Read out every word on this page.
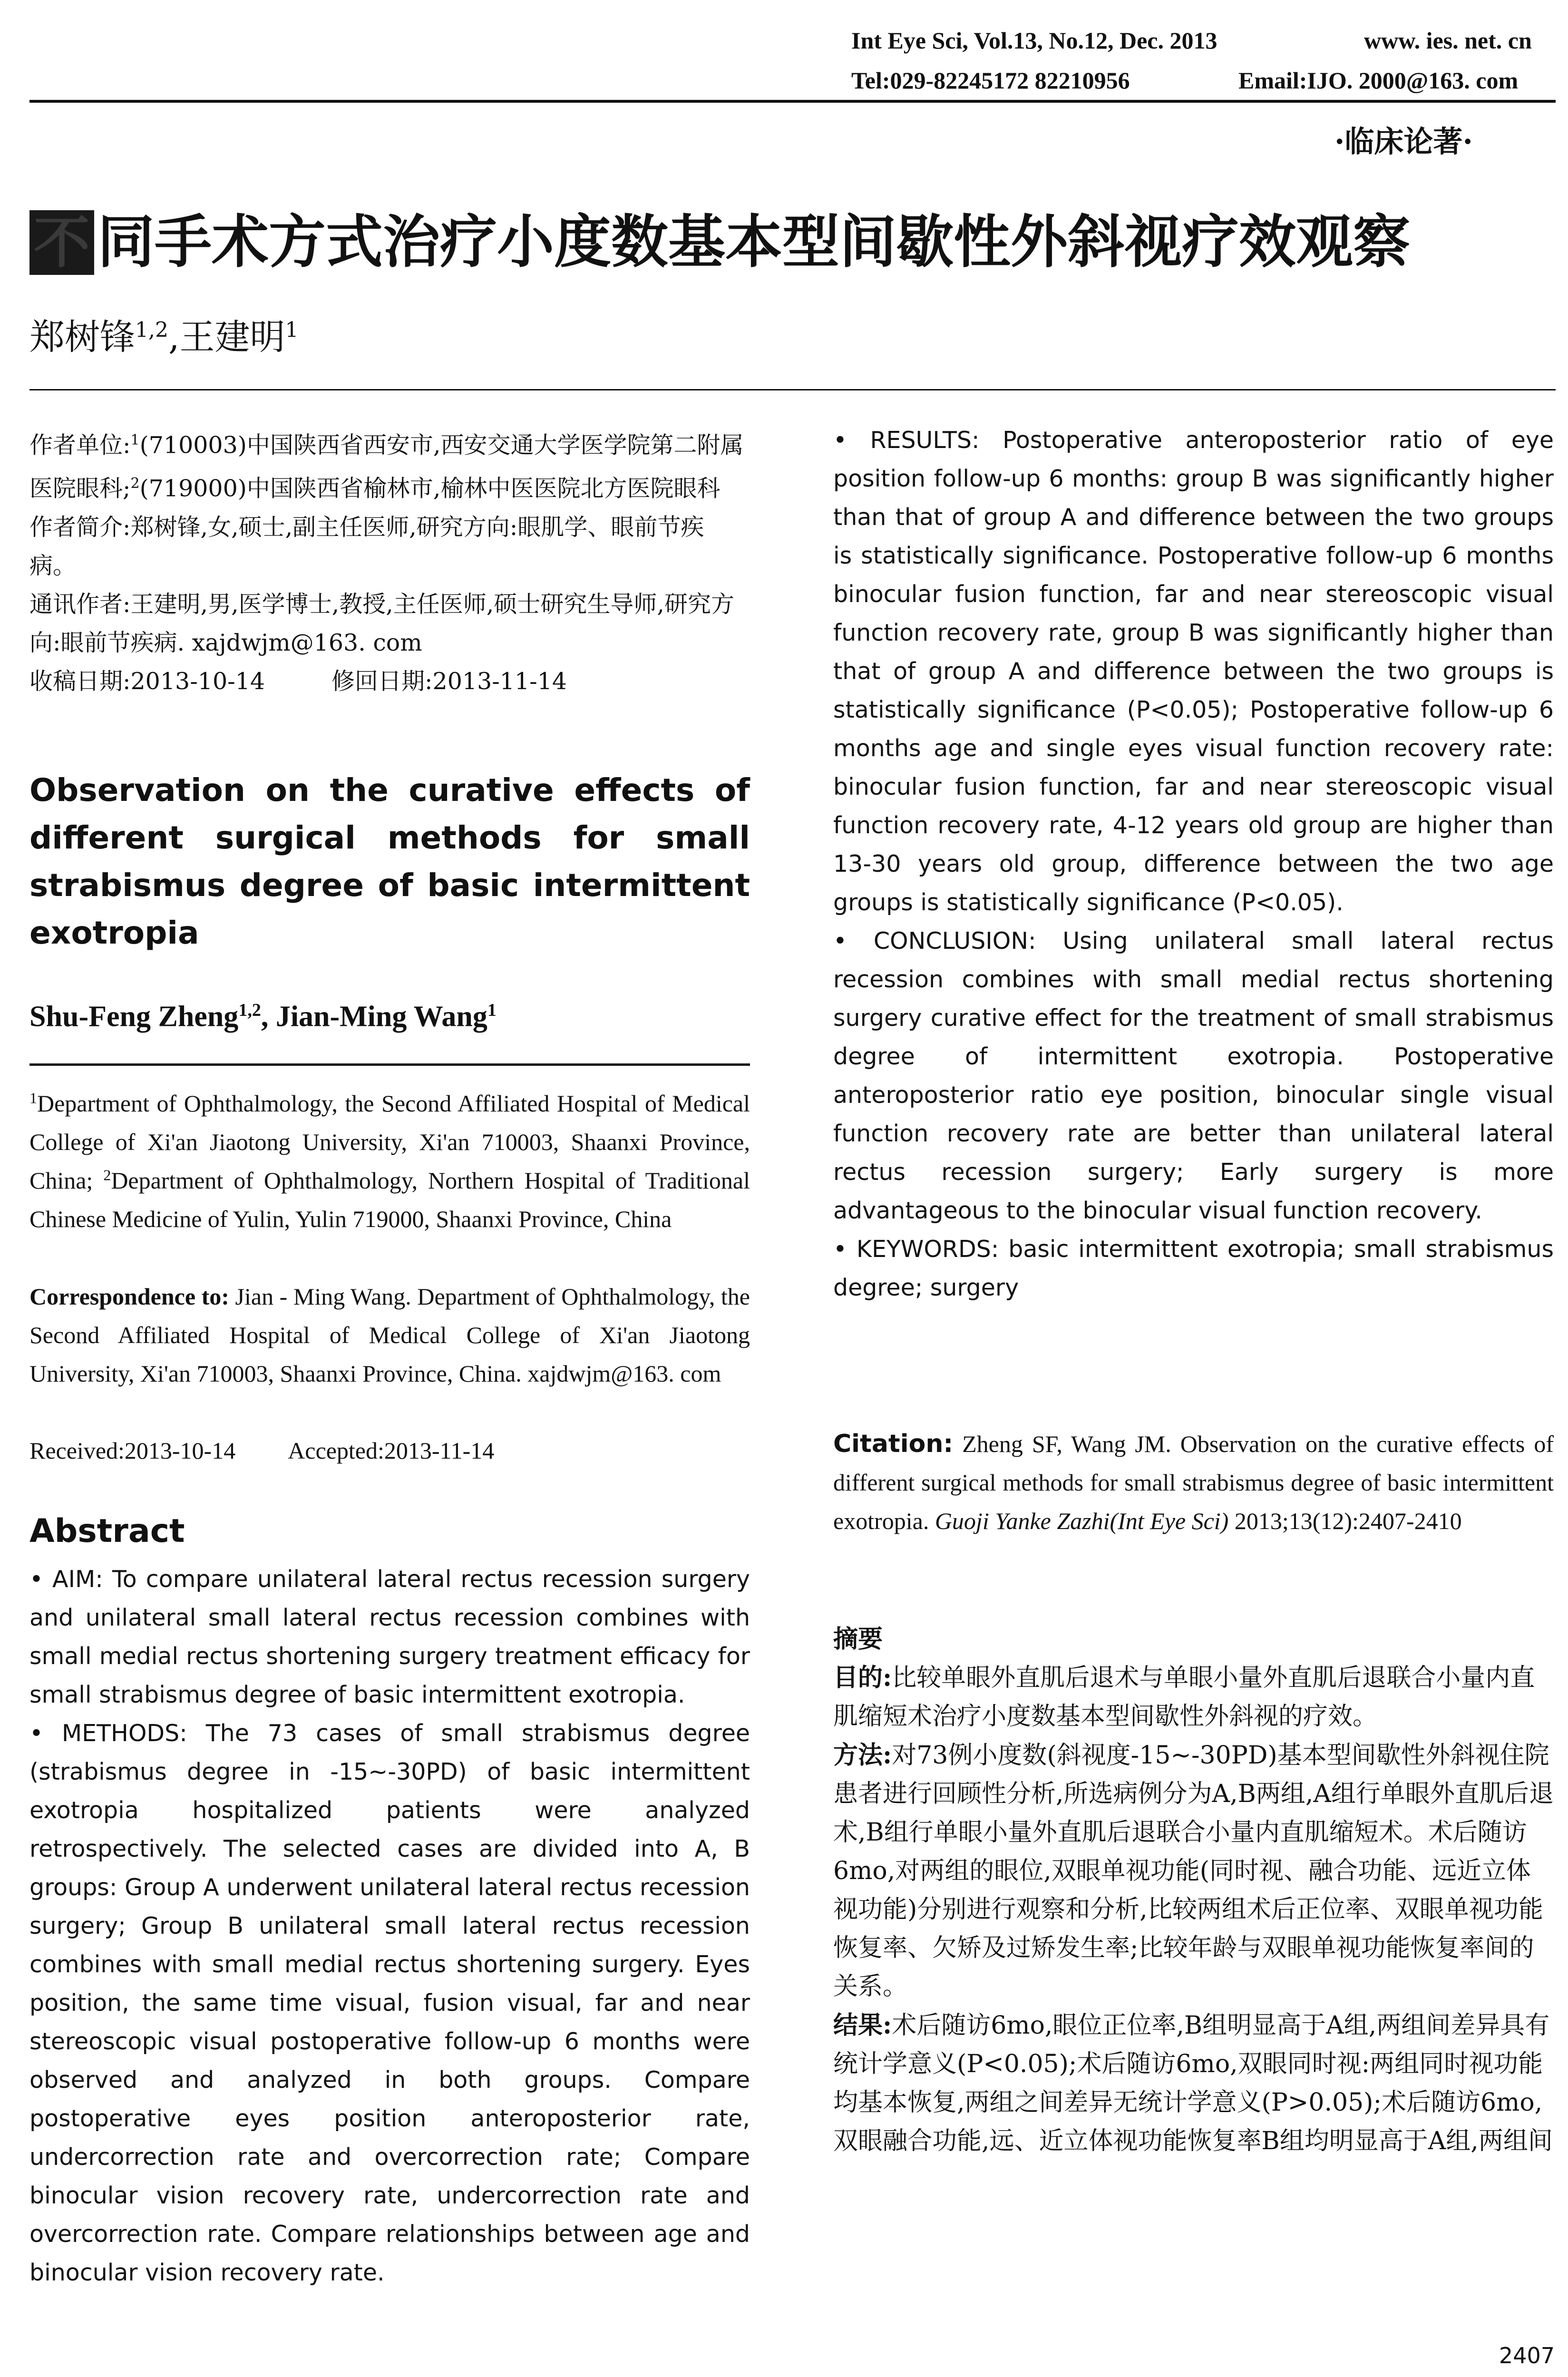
Int Eye Sci, Vol.13, No.12, Dec. 2013	www. ies. net. cn
Tel:029-82245172 82210956	Email:IJO. 2000@163. com
·临床论著·
不 同手术方式治疗小度数基本型间歇性外斜视疗效观察
郑树锋$^{1,2}$,王建明$^1$
作者单位:$^1$(710003)中国陕西省西安市,西安交通大学医学院第二附属医院眼科;$^2$(719000)中国陕西省榆林市,榆林中医医院北方医院眼科
作者简介:郑树锋,女,硕士,副主任医师,研究方向:眼肌学、眼前节疾病。
通讯作者:王建明,男,医学博士,教授,主任医师,硕士研究生导师,研究方向:眼前节疾病. xajdwjm@163. com
收稿日期:2013-10-14	修回日期:2013-11-14
Observation on the curative effects of different surgical methods for small strabismus degree of basic intermittent exotropia
Shu-Feng Zheng$^{1,2}$, Jian-Ming Wang$^1$
$^1$Department of Ophthalmology, the Second Affiliated Hospital of Medical College of Xi'an Jiaotong University, Xi'an 710003, Shaanxi Province, China; $^2$Department of Ophthalmology, Northern Hospital of Traditional Chinese Medicine of Yulin, Yulin 719000, Shaanxi Province, China
Correspondence to: Jian - Ming Wang. Department of Ophthalmology, the Second Affiliated Hospital of Medical College of Xi'an Jiaotong University, Xi'an 710003, Shaanxi Province, China. xajdwjm@163. com
Received:2013-10-14 Accepted:2013-11-14
Abstract

• AIM: To compare unilateral lateral rectus recession surgery and unilateral small lateral rectus recession combines with small medial rectus shortening surgery treatment efficacy for small strabismus degree of basic intermittent exotropia.

• METHODS: The 73 cases of small strabismus degree (strabismus degree in -15~-30PD) of basic intermittent exotropia hospitalized patients were analyzed retrospectively. The selected cases are divided into A, B groups: Group A underwent unilateral lateral rectus recession surgery; Group B unilateral small lateral rectus recession combines with small medial rectus shortening surgery. Eyes position, the same time visual, fusion visual, far and near stereoscopic visual postoperative follow-up 6 months were observed and analyzed in both groups. Compare postoperative eyes position anteroposterior rate, undercorrection rate and overcorrection rate; Compare binocular vision recovery rate, undercorrection rate and overcorrection rate. Compare relationships between age and binocular vision recovery rate.

• RESULTS: Postoperative anteroposterior ratio of eye position follow-up 6 months: group B was significantly higher than that of group A and difference between the two groups is statistically significance. Postoperative follow-up 6 months binocular fusion function, far and near stereoscopic visual function recovery rate, group B was significantly higher than that of group A and difference between the two groups is statistically significance (P<0.05); Postoperative follow-up 6 months age and single eyes visual function recovery rate: binocular fusion function, far and near stereoscopic visual function recovery rate, 4-12 years old group are higher than 13-30 years old group, difference between the two age groups is statistically significance (P<0.05).

• CONCLUSION: Using unilateral small lateral rectus recession combines with small medial rectus shortening surgery curative effect for the treatment of small strabismus degree of intermittent exotropia. Postoperative anteroposterior ratio eye position, binocular single visual function recovery rate are better than unilateral lateral rectus recession surgery; Early surgery is more advantageous to the binocular visual function recovery.

• KEYWORDS: basic intermittent exotropia; small strabismus degree; surgery

Citation: Zheng SF, Wang JM. Observation on the curative effects of different surgical methods for small strabismus degree of basic intermittent exotropia. Guoji Yanke Zazhi(Int Eye Sci) 2013;13(12):2407-2410

摘要

目的:比较单眼外直肌后退术与单眼小量外直肌后退联合小量内直肌缩短术治疗小度数基本型间歇性外斜视的疗效。

方法:对73例小度数(斜视度-15~-30PD)基本型间歇性外斜视住院患者进行回顾性分析,所选病例分为A,B两组,A组行单眼外直肌后退术,B组行单眼小量外直肌后退联合小量内直肌缩短术。术后随访6mo,对两组的眼位,双眼单视功能(同时视、融合功能、远近立体视功能)分别进行观察和分析,比较两组术后正位率、双眼单视功能恢复率、欠矫及过矫发生率;比较年龄与双眼单视功能恢复率间的关系。

结果:术后随访6mo,眼位正位率,B组明显高于A组,两组间差异具有统计学意义(P<0.05);术后随访6mo,双眼同时视:两组同时视功能均基本恢复,两组之间差异无统计学意义(P>0.05);术后随访6mo,双眼融合功能,远、近立体视功能恢复率B组均明显高于A组,两组间

2407
